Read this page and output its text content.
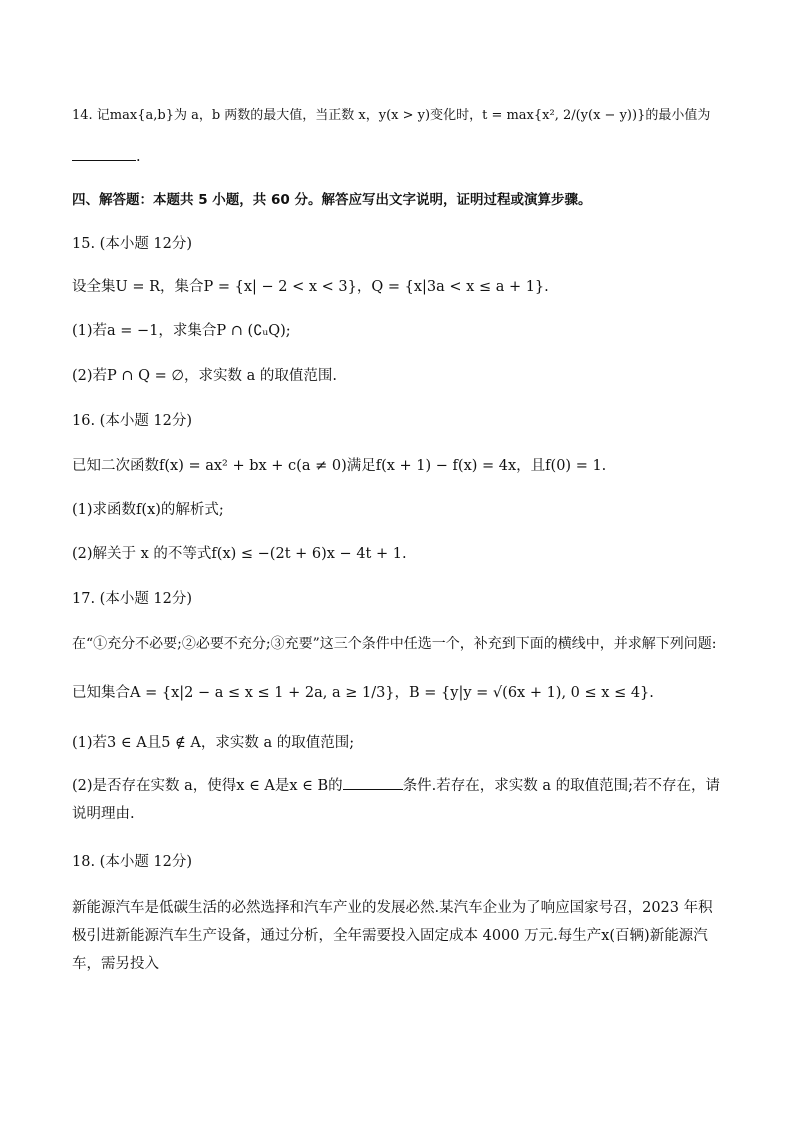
14. 记max{a,b}为 a，b 两数的最大值，当正数 x，y(x > y)变化时，t = max{x², 2/(y(x − y))}的最小值为
.
四、解答题：本题共 5 小题，共 60 分。解答应写出文字说明，证明过程或演算步骤。
15. (本小题 12分)
设全集U = R，集合P = {x| − 2 < x < 3}，Q = {x|3a < x ≤ a + 1}.
(1)若a = −1，求集合P ∩ (∁ᵤQ);
(2)若P ∩ Q = ∅，求实数 a 的取值范围.
16. (本小题 12分)
已知二次函数f(x) = ax² + bx + c(a ≠ 0)满足f(x + 1) − f(x) = 4x，且f(0) = 1.
(1)求函数f(x)的解析式;
(2)解关于 x 的不等式f(x) ≤ −(2t + 6)x − 4t + 1.
17. (本小题 12分)
在“①充分不必要;②必要不充分;③充要”这三个条件中任选一个，补充到下面的横线中，并求解下列问题:
已知集合A = {x|2 − a ≤ x ≤ 1 + 2a, a ≥ 1/3}，B = {y|y = √(6x + 1), 0 ≤ x ≤ 4}.
(1)若3 ∈ A且5 ∉ A，求实数 a 的取值范围;
(2)是否存在实数 a，使得x ∈ A是x ∈ B的	条件.若存在，求实数 a 的取值范围;若不存在，请说明理由.
18. (本小题 12分)
新能源汽车是低碳生活的必然选择和汽车产业的发展必然.某汽车企业为了响应国家号召，2023 年积极引进新能源汽车生产设备，通过分析，全年需要投入固定成本 4000 万元.每生产x(百辆)新能源汽车，需另投入
